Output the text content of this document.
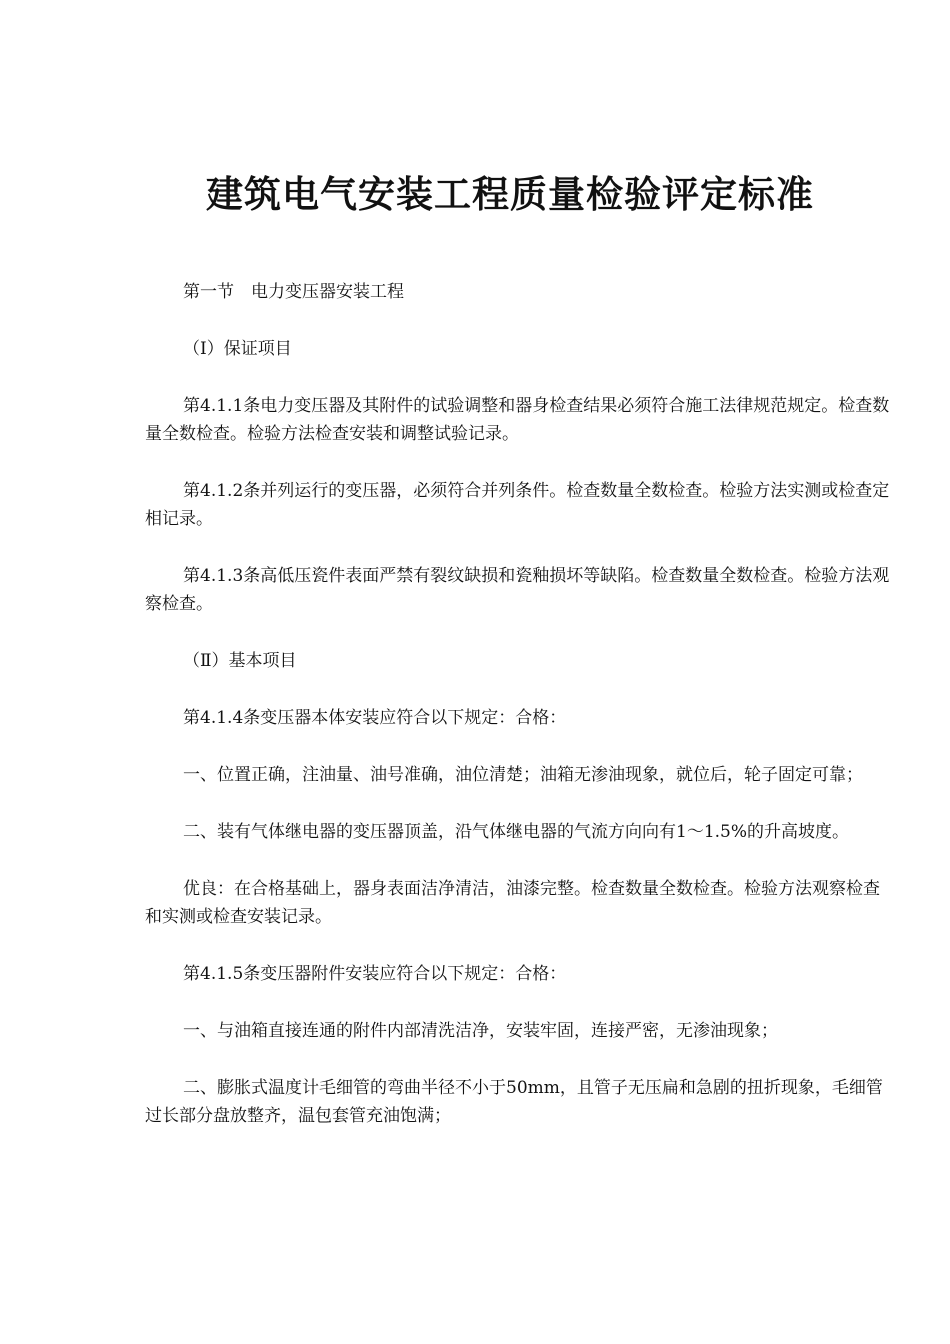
建筑电气安装工程质量检验评定标准

第一节　电力变压器安装工程

（Ⅰ）保证项目

第4.1.1条电力变压器及其附件的试验调整和器身检查结果必须符合施工法律规范规定。检查数量全数检查。检验方法检查安装和调整试验记录。

第4.1.2条并列运行的变压器，必须符合并列条件。检查数量全数检查。检验方法实测或检查定相记录。

第4.1.3条高低压瓷件表面严禁有裂纹缺损和瓷釉损坏等缺陷。检查数量全数检查。检验方法观察检查。

（Ⅱ）基本项目

第4.1.4条变压器本体安装应符合以下规定：合格：

一、位置正确，注油量、油号准确，油位清楚；油箱无渗油现象，就位后，轮子固定可靠；

二、装有气体继电器的变压器顶盖，沿气体继电器的气流方向向有1～1.5%的升高坡度。

优良：在合格基础上，器身表面洁净清洁，油漆完整。检查数量全数检查。检验方法观察检查和实测或检查安装记录。

第4.1.5条变压器附件安装应符合以下规定：合格：

一、与油箱直接连通的附件内部清洗洁净，安装牢固，连接严密，无渗油现象；

二、膨胀式温度计毛细管的弯曲半径不小于50mm，且管子无压扁和急剧的扭折现象，毛细管过长部分盘放整齐，温包套管充油饱满；
